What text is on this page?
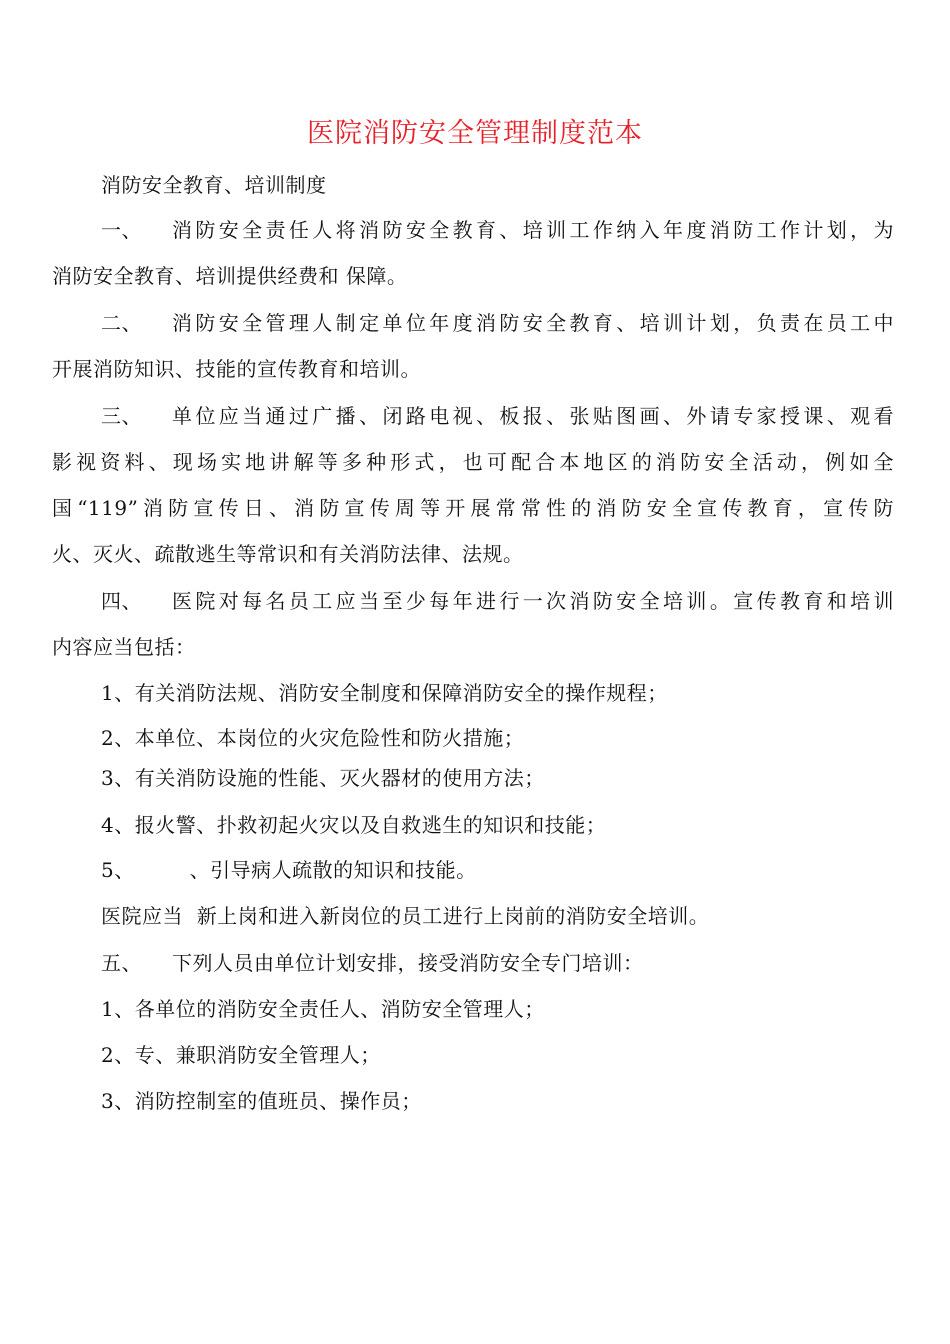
医院消防安全管理制度范本
消防安全教育、培训制度
一、 消防安全责任人将消防安全教育、培训工作纳入年度消防工作计划，为
消防安全教育、培训提供经费和 保障。
二、 消防安全管理人制定单位年度消防安全教育、培训计划，负责在员工中
开展消防知识、技能的宣传教育和培训。
三、 单位应当通过广播、闭路电视、板报、张贴图画、外请专家授课、观看
影视资料、现场实地讲解等多种形式，也可配合本地区的消防安全活动，例如全
国“119”消防宣传日、消防宣传周等开展常常性的消防安全宣传教育，宣传防
火、灭火、疏散逃生等常识和有关消防法律、法规。
四、 医院对每名员工应当至少每年进行一次消防安全培训。宣传教育和培训
内容应当包括：
1、有关消防法规、消防安全制度和保障消防安全的操作规程；
2、本单位、本岗位的火灾危险性和防火措施；
3、有关消防设施的性能、灭火器材的使用方法；
4、报火警、扑救初起火灾以及自救逃生的知识和技能；
5、        、引导病人疏散的知识和技能。
医院应当  新上岗和进入新岗位的员工进行上岗前的消防安全培训。
五、 下列人员由单位计划安排，接受消防安全专门培训：
1、各单位的消防安全责任人、消防安全管理人；
2、专、兼职消防安全管理人；
3、消防控制室的值班员、操作员；
